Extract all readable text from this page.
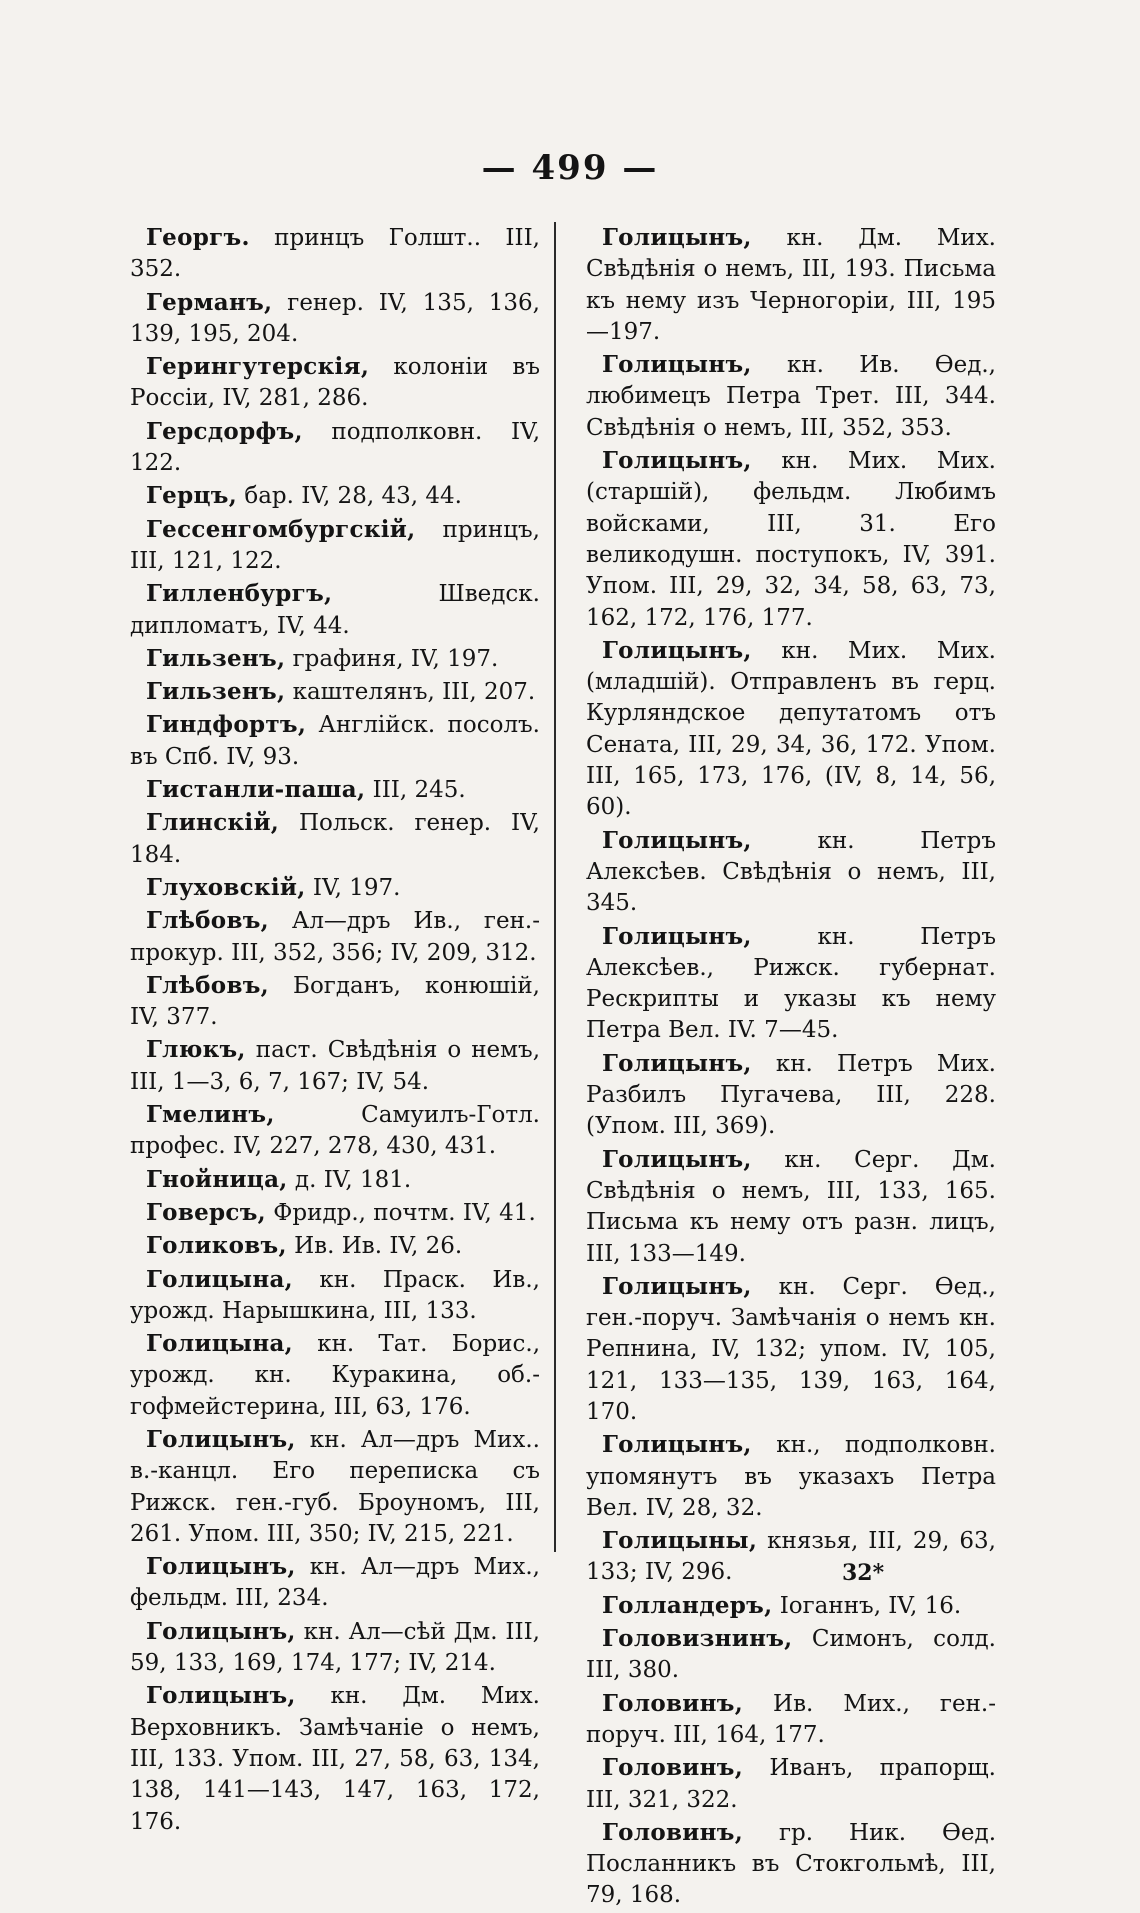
— 499 —

Георгъ. принцъ Голшт.. III, 352.

Германъ, генер. IV, 135, 136, 139, 195, 204.

Герингутерскія, колоніи въ Россіи, IV, 281, 286.

Герсдорфъ, подполковн. IV, 122.

Герцъ, бар. IV, 28, 43, 44.

Гессенгомбургскій, принцъ, III, 121, 122.

Гилленбургъ, Шведск. дипломатъ, IV, 44.

Гильзенъ, графиня, IV, 197.

Гильзенъ, каштелянъ, III, 207.

Гиндфортъ, Англійск. посолъ. въ Спб. IV, 93.

Гистанли-паша, III, 245.

Глинскій, Польск. генер. IV, 184.

Глуховскій, IV, 197.

Глѣбовъ, Ал—дръ Ив., ген.-прокур. III, 352, 356; IV, 209, 312.

Глѣбовъ, Богданъ, конюшій, IV, 377.

Глюкъ, паст. Свѣдѣнія о немъ, III, 1—3, 6, 7, 167; IV, 54.

Гмелинъ, Самуилъ-Готл. профес. IV, 227, 278, 430, 431.

Гнойница, д. IV, 181.

Говерсъ, Фридр., почтм. IV, 41.

Голиковъ, Ив. Ив. IV, 26.

Голицына, кн. Праск. Ив., урожд. Нарышкина, III, 133.

Голицына, кн. Тат. Борис., урожд. кн. Куракина, об.-гофмейстерина, III, 63, 176.

Голицынъ, кн. Ал—дръ Мих.. в.-канцл. Его переписка съ Рижск. ген.-губ. Броуномъ, III, 261. Упом. III, 350; IV, 215, 221.

Голицынъ, кн. Ал—дръ Мих., фельдм. III, 234.

Голицынъ, кн. Ал—сѣй Дм. III, 59, 133, 169, 174, 177; IV, 214.

Голицынъ, кн. Дм. Мих. Верховникъ. Замѣчаніе о немъ, III, 133. Упом. III, 27, 58, 63, 134, 138, 141—143, 147, 163, 172, 176.

Голицынъ, кн. Дм. Мих. Свѣдѣнія о немъ, III, 193. Письма къ нему изъ Черногоріи, III, 195—197.

Голицынъ, кн. Ив. Ѳед., любимецъ Петра Трет. III, 344. Свѣдѣнія о немъ, III, 352, 353.

Голицынъ, кн. Мих. Мих. (старшій), фельдм. Любимъ войсками, III, 31. Его великодушн. поступокъ, IV, 391. Упом. III, 29, 32, 34, 58, 63, 73, 162, 172, 176, 177.

Голицынъ, кн. Мих. Мих. (младшій). Отправленъ въ герц. Курляндское депутатомъ отъ Сената, III, 29, 34, 36, 172. Упом. III, 165, 173, 176, (IV, 8, 14, 56, 60).

Голицынъ, кн. Петръ Алексѣев. Свѣдѣнія о немъ, III, 345.

Голицынъ, кн. Петръ Алексѣев., Рижск. губернат. Рескрипты и указы къ нему Петра Вел. IV. 7—45.

Голицынъ, кн. Петръ Мих. Разбилъ Пугачева, III, 228. (Упом. III, 369).

Голицынъ, кн. Серг. Дм. Свѣдѣнія о немъ, III, 133, 165. Письма къ нему отъ разн. лицъ, III, 133—149.

Голицынъ, кн. Серг. Ѳед., ген.-поруч. Замѣчанія о немъ кн. Репнина, IV, 132; упом. IV, 105, 121, 133—135, 139, 163, 164, 170.

Голицынъ, кн., подполковн. упомянутъ въ указахъ Петра Вел. IV, 28, 32.

Голицыны, князья, III, 29, 63, 133; IV, 296.

Голландеръ, Іоганнъ, IV, 16.

Головизнинъ, Симонъ, солд. III, 380.

Головинъ, Ив. Мих., ген.-поруч. III, 164, 177.

Головинъ, Иванъ, прапорщ. III, 321, 322.

Головинъ, гр. Ник. Ѳед. Посланникъ въ Стокгольмѣ, III, 79, 168.

32*
